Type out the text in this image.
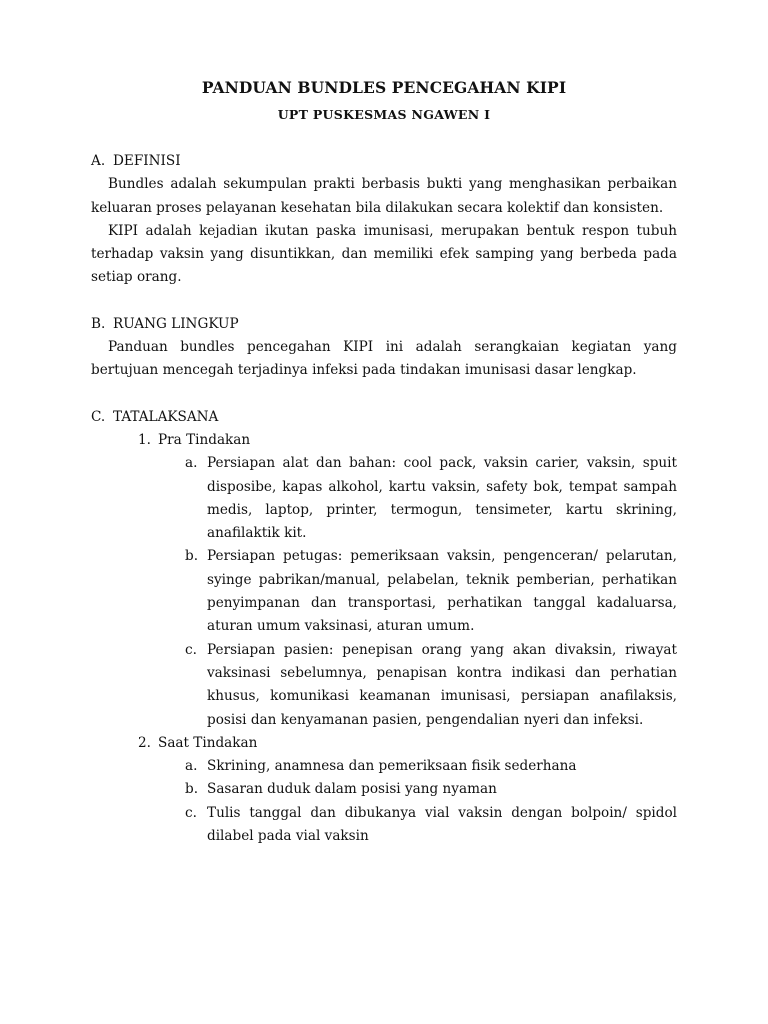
PANDUAN BUNDLES PENCEGAHAN KIPI
UPT PUSKESMAS NGAWEN I

A. DEFINISI

Bundles adalah sekumpulan prakti berbasis bukti yang menghasikan perbaikan keluaran proses pelayanan kesehatan bila dilakukan secara kolektif dan konsisten.

KIPI adalah kejadian ikutan paska imunisasi, merupakan bentuk respon tubuh terhadap vaksin yang disuntikkan, dan memiliki efek samping yang berbeda pada setiap orang.

B. RUANG LINGKUP

Panduan bundles pencegahan KIPI ini adalah serangkaian kegiatan yang bertujuan mencegah terjadinya infeksi pada tindakan imunisasi dasar lengkap.

C. TATALAKSANA

1. Pra Tindakan

a. Persiapan alat dan bahan: cool pack, vaksin carier, vaksin, spuit disposibe, kapas alkohol, kartu vaksin, safety bok, tempat sampah medis, laptop, printer, termogun, tensimeter, kartu skrining, anafilaktik kit.
b. Persiapan petugas: pemeriksaan vaksin, pengenceran/ pelarutan, syinge pabrikan/manual, pelabelan, teknik pemberian, perhatikan penyimpanan dan transportasi, perhatikan tanggal kadaluarsa, aturan umum vaksinasi, aturan umum.
c. Persiapan pasien: penepisan orang yang akan divaksin, riwayat vaksinasi sebelumnya, penapisan kontra indikasi dan perhatian khusus, komunikasi keamanan imunisasi, persiapan anafilaksis, posisi dan kenyamanan pasien, pengendalian nyeri dan infeksi.

2. Saat Tindakan

a. Skrining, anamnesa dan pemeriksaan fisik sederhana
b. Sasaran duduk dalam posisi yang nyaman
c. Tulis tanggal dan dibukanya vial vaksin dengan bolpoin/ spidol dilabel pada vial vaksin
